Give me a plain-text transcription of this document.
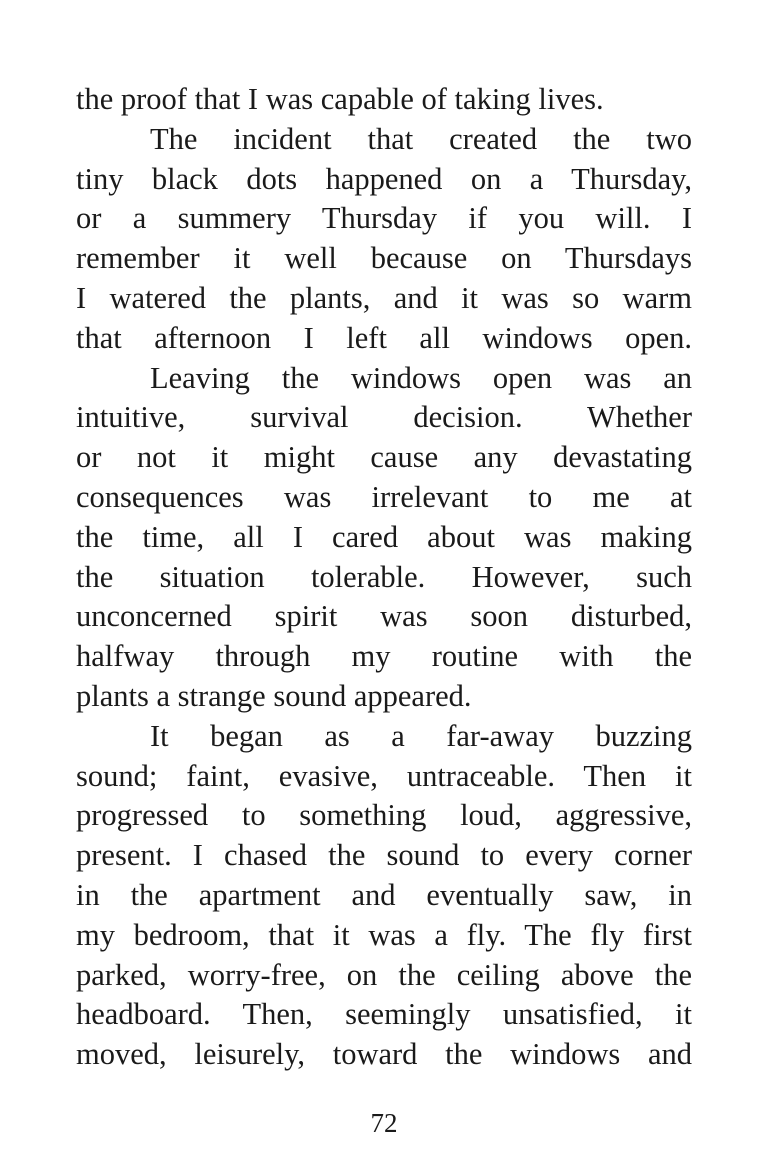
the proof that I was capable of taking lives.
The incident that created the two
tiny black dots happened on a Thursday,
or a summery Thursday if you will. I
remember it well because on Thursdays
I watered the plants, and it was so warm
that afternoon I left all windows open.
Leaving the windows open was an
intuitive, survival decision. Whether
or not it might cause any devastating
consequences was irrelevant to me at
the time, all I cared about was making
the situation tolerable. However, such
unconcerned spirit was soon disturbed,
halfway through my routine with the
plants a strange sound appeared.
It began as a far-away buzzing
sound; faint, evasive, untraceable. Then it
progressed to something loud, aggressive,
present. I chased the sound to every corner
in the apartment and eventually saw, in
my bedroom, that it was a fly. The fly first
parked, worry-free, on the ceiling above the
headboard. Then, seemingly unsatisfied, it
moved, leisurely, toward the windows and
72
